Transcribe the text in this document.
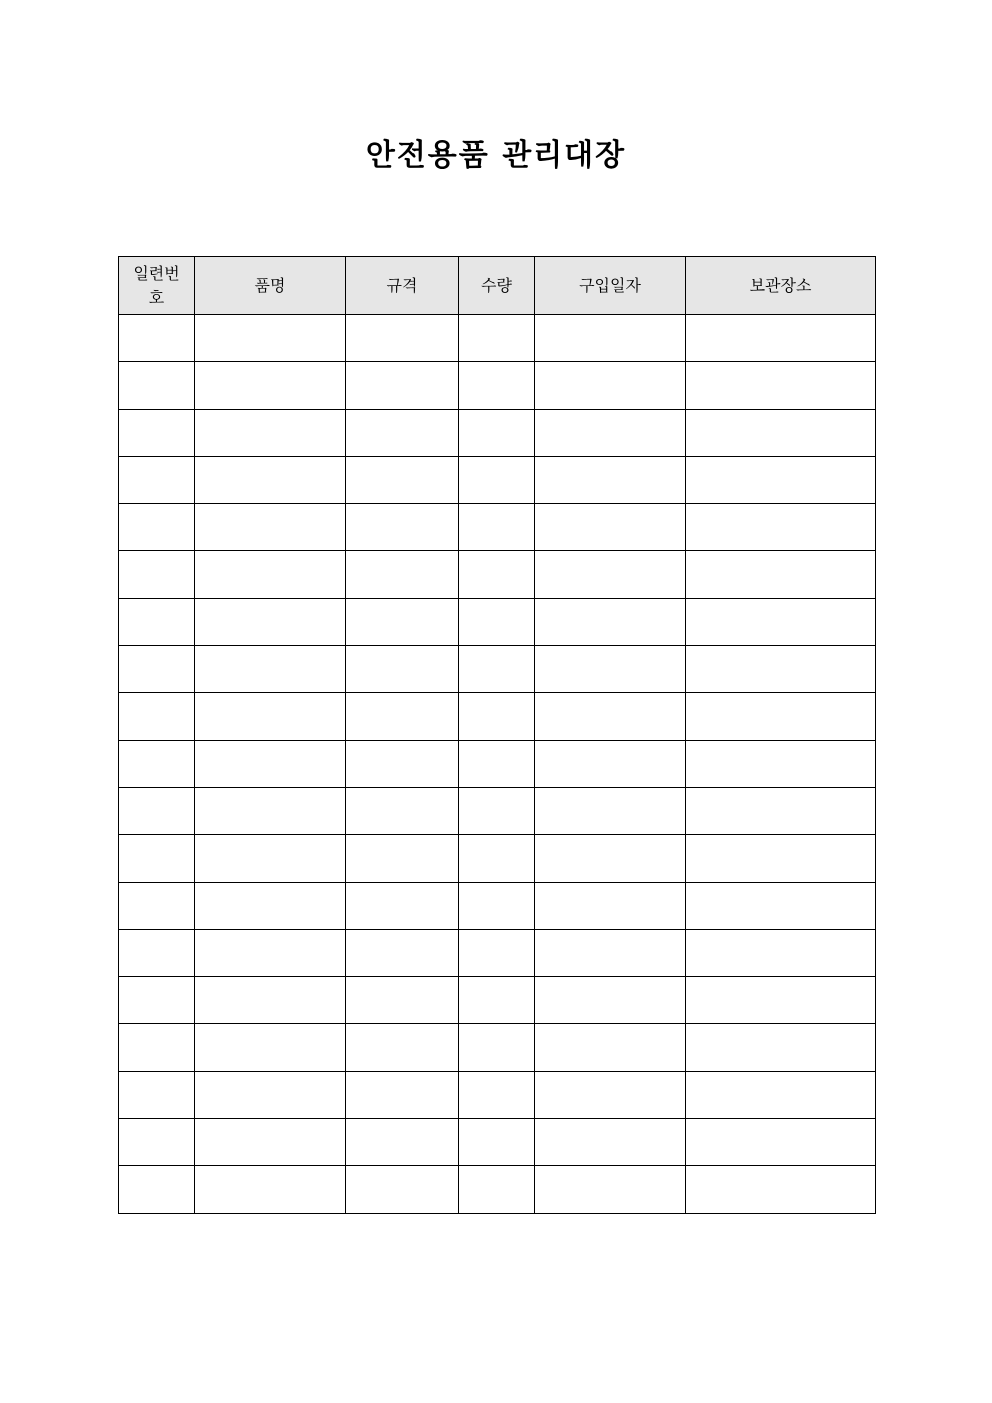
안전용품 관리대장
일련번호	품명	규격	수량	구입일자	보관장소
